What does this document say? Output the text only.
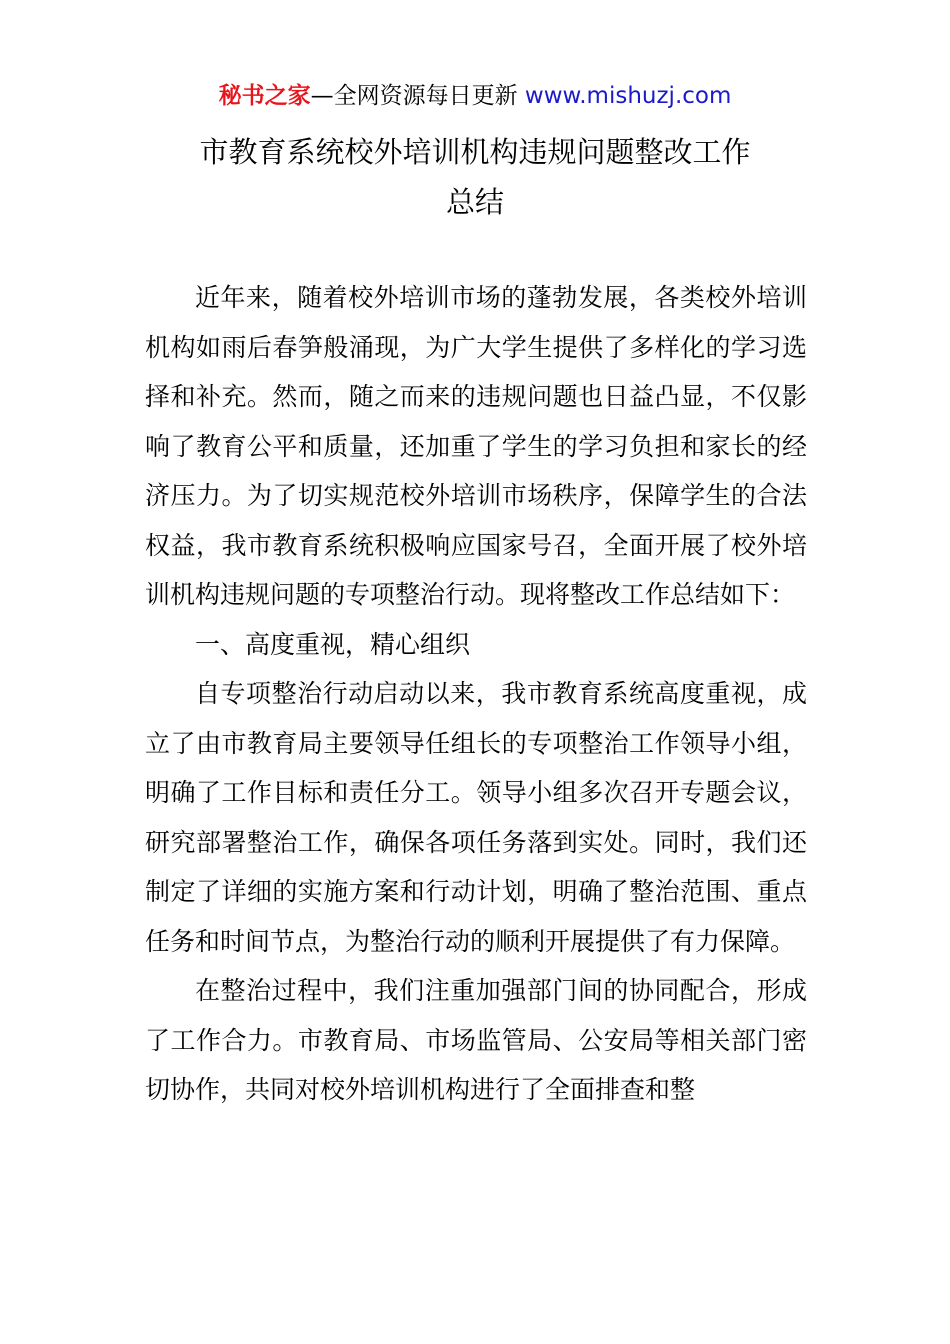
秘书之家—全网资源每日更新 www.mishuzj.com
市教育系统校外培训机构违规问题整改工作
总结

近年来，随着校外培训市场的蓬勃发展，各类校外培训机构如雨后春笋般涌现，为广大学生提供了多样化的学习选择和补充。然而，随之而来的违规问题也日益凸显，不仅影响了教育公平和质量，还加重了学生的学习负担和家长的经济压力。为了切实规范校外培训市场秩序，保障学生的合法权益，我市教育系统积极响应国家号召，全面开展了校外培训机构违规问题的专项整治行动。现将整改工作总结如下：

一、高度重视，精心组织

自专项整治行动启动以来，我市教育系统高度重视，成立了由市教育局主要领导任组长的专项整治工作领导小组，明确了工作目标和责任分工。领导小组多次召开专题会议，研究部署整治工作，确保各项任务落到实处。同时，我们还制定了详细的实施方案和行动计划，明确了整治范围、重点任务和时间节点，为整治行动的顺利开展提供了有力保障。

在整治过程中，我们注重加强部门间的协同配合，形成了工作合力。市教育局、市场监管局、公安局等相关部门密切协作，共同对校外培训机构进行了全面排查和整
